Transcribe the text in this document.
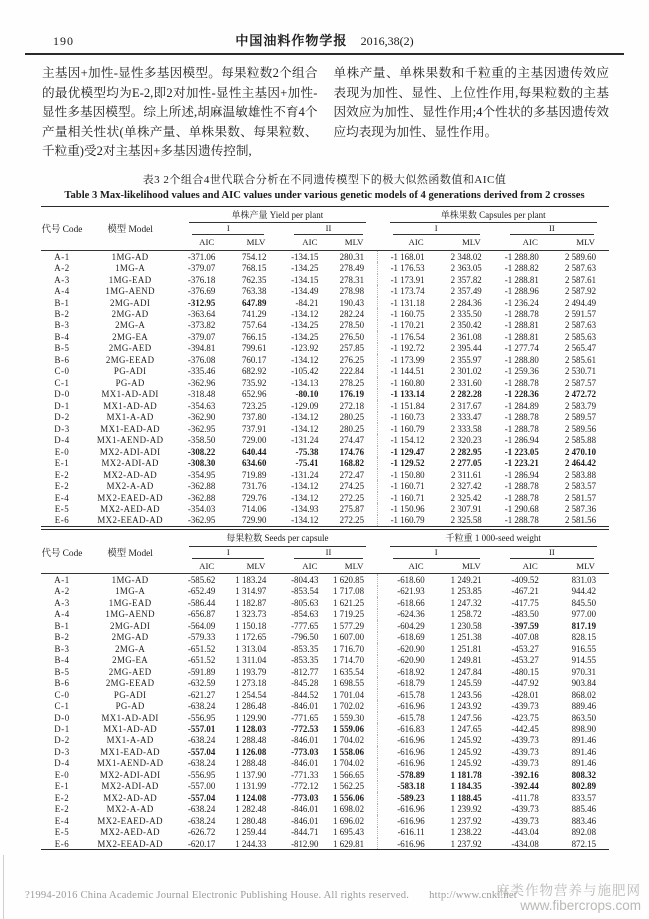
190	中国油料作物学报 2016,38(2)
主基因+加性-显性多基因模型。每果粒数2个组合的最优模型均为E-2,即2对加性-显性主基因+加性-显性多基因模型。综上所述,胡麻温敏雄性不育4个产量相关性状(单株产量、单株果数、每果粒数、千粒重)受2对主基因+多基因遗传控制,
单株产量、单株果数和千粒重的主基因遗传效应表现为加性、显性、上位性作用,每果粒数的主基因效应为加性、显性作用;4个性状的多基因遗传效应均表现为加性、显性作用。
表3 2个组合4世代联合分析在不同遗传模型下的极大似然函数值和AIC值
Table 3 Max-likelihood values and AIC values under various genetic models of 4 generations derived from 2 crosses
代号 Code	模型 Model	单株产量 Yield per plant				单株果数 Capsules per plant			

		I		II		I		II	

		AIC	MLV	AIC	MLV	AIC	MLV	AIC	MLV
A-1	1MG-AD	-371.06	754.12	-134.15	280.31	-1 168.01	2 348.02	-1 288.80	2 589.60
A-2	1MG-A	-379.07	768.15	-134.25	278.49	-1 176.53	2 363.05	-1 288.82	2 587.63
A-3	1MG-EAD	-376.18	762.35	-134.15	278.31	-1 173.91	2 357.82	-1 288.81	2 587.61
A-4	1MG-AEND	-376.69	763.38	-134.49	278.98	-1 173.74	2 357.49	-1 288.96	2 587.92
B-1	2MG-ADI	-312.95	647.89	-84.21	190.43	-1 131.18	2 284.36	-1 236.24	2 494.49
B-2	2MG-AD	-363.64	741.29	-134.12	282.24	-1 160.75	2 335.50	-1 288.78	2 591.57
B-3	2MG-A	-373.82	757.64	-134.25	278.50	-1 170.21	2 350.42	-1 288.81	2 587.63
B-4	2MG-EA	-379.07	766.15	-134.25	276.50	-1 176.54	2 361.08	-1 288.81	2 585.63
B-5	2MG-AED	-394.81	799.61	-123.92	257.85	-1 192.72	2 395.44	-1 277.74	2 565.47
B-6	2MG-EEAD	-376.08	760.17	-134.12	276.25	-1 173.99	2 355.97	-1 288.80	2 585.61
C-0	PG-ADI	-335.46	682.92	-105.42	222.84	-1 144.51	2 301.02	-1 259.36	2 530.71
C-1	PG-AD	-362.96	735.92	-134.13	278.25	-1 160.80	2 331.60	-1 288.78	2 587.57
D-0	MX1-AD-ADI	-318.48	652.96	-80.10	176.19	-1 133.14	2 282.28	-1 228.36	2 472.72
D-1	MX1-AD-AD	-354.63	723.25	-129.09	272.18	-1 151.84	2 317.67	-1 284.89	2 583.79
D-2	MX1-A-AD	-362.90	737.80	-134.12	280.25	-1 160.73	2 333.47	-1 288.78	2 589.57
D-3	MX1-EAD-AD	-362.95	737.91	-134.12	280.25	-1 160.79	2 333.58	-1 288.78	2 589.56
D-4	MX1-AEND-AD	-358.50	729.00	-131.24	274.47	-1 154.12	2 320.23	-1 286.94	2 585.88
E-0	MX2-ADI-ADI	-308.22	640.44	-75.38	174.76	-1 129.47	2 282.95	-1 223.05	2 470.10
E-1	MX2-ADI-AD	-308.30	634.60	-75.41	168.82	-1 129.52	2 277.05	-1 223.21	2 464.42
E-2	MX2-AD-AD	-354.95	719.89	-131.24	272.47	-1 150.80	2 311.61	-1 286.94	2 583.88
E-2	MX2-A-AD	-362.88	731.76	-134.12	274.25	-1 160.71	2 327.42	-1 288.78	2 583.57
E-4	MX2-EAED-AD	-362.88	729.76	-134.12	272.25	-1 160.71	2 325.42	-1 288.78	2 581.57
E-5	MX2-AED-AD	-354.03	714.06	-134.93	275.87	-1 150.96	2 307.91	-1 290.68	2 587.36
E-6	MX2-EEAD-AD	-362.95	729.90	-134.12	272.25	-1 160.79	2 325.58	-1 288.78	2 581.56
代号 Code	模型 Model	每果粒数 Seeds per capsule				千粒重 1 000-seed weight			

		I		II		I		II	

		AIC	MLV	AIC	MLV	AIC	MLV	AIC	MLV
A-1	1MG-AD	-585.62	1 183.24	-804.43	1 620.85	-618.60	1 249.21	-409.52	831.03
A-2	1MG-A	-652.49	1 314.97	-853.54	1 717.08	-621.93	1 253.85	-467.21	944.42
A-3	1MG-EAD	-586.44	1 182.87	-805.63	1 621.25	-618.66	1 247.32	-417.75	845.50
A-4	1MG-AEND	-656.87	1 323.73	-854.63	1 719.25	-624.36	1 258.72	-483.50	977.00
B-1	2MG-ADI	-564.09	1 150.18	-777.65	1 577.29	-604.29	1 230.58	-397.59	817.19
B-2	2MG-AD	-579.33	1 172.65	-796.50	1 607.00	-618.69	1 251.38	-407.08	828.15
B-3	2MG-A	-651.52	1 313.04	-853.35	1 716.70	-620.90	1 251.81	-453.27	916.55
B-4	2MG-EA	-651.52	1 311.04	-853.35	1 714.70	-620.90	1 249.81	-453.27	914.55
B-5	2MG-AED	-591.89	1 193.79	-812.77	1 635.54	-618.92	1 247.84	-480.15	970.31
B-6	2MG-EEAD	-632.59	1 273.18	-845.28	1 698.55	-618.79	1 245.59	-447.92	903.84
C-0	PG-ADI	-621.27	1 254.54	-844.52	1 701.04	-615.78	1 243.56	-428.01	868.02
C-1	PG-AD	-638.24	1 286.48	-846.01	1 702.02	-616.96	1 243.92	-439.73	889.46
D-0	MX1-AD-ADI	-556.95	1 129.90	-771.65	1 559.30	-615.78	1 247.56	-423.75	863.50
D-1	MX1-AD-AD	-557.01	1 128.03	-772.53	1 559.06	-616.83	1 247.65	-442.45	898.90
D-2	MX1-A-AD	-638.24	1 288.48	-846.01	1 704.02	-616.96	1 245.92	-439.73	891.46
D-3	MX1-EAD-AD	-557.04	1 126.08	-773.03	1 558.06	-616.96	1 245.92	-439.73	891.46
D-4	MX1-AEND-AD	-638.24	1 288.48	-846.01	1 704.02	-616.96	1 245.92	-439.73	891.46
E-0	MX2-ADI-ADI	-556.95	1 137.90	-771.33	1 566.65	-578.89	1 181.78	-392.16	808.32
E-1	MX2-ADI-AD	-557.00	1 131.99	-772.12	1 562.25	-583.18	1 184.35	-392.44	802.89
E-2	MX2-AD-AD	-557.04	1 124.08	-773.03	1 556.06	-589.23	1 188.45	-411.78	833.57
E-2	MX2-A-AD	-638.24	1 282.48	-846.01	1 698.02	-616.96	1 239.92	-439.73	885.46
E-4	MX2-EAED-AD	-638.24	1 280.48	-846.01	1 696.02	-616.96	1 237.92	-439.73	883.46
E-5	MX2-AED-AD	-626.72	1 259.44	-844.71	1 695.43	-616.11	1 238.22	-443.04	892.08
E-6	MX2-EEAD-AD	-620.17	1 244.33	-812.90	1 629.81	-616.96	1 237.92	-434.08	872.15
?1994-2016 China Academic Journal Electronic Publishing House. All rights reserved. http://www.cnki.net
麻类作物营养与施肥网
www.fibercrops.com
